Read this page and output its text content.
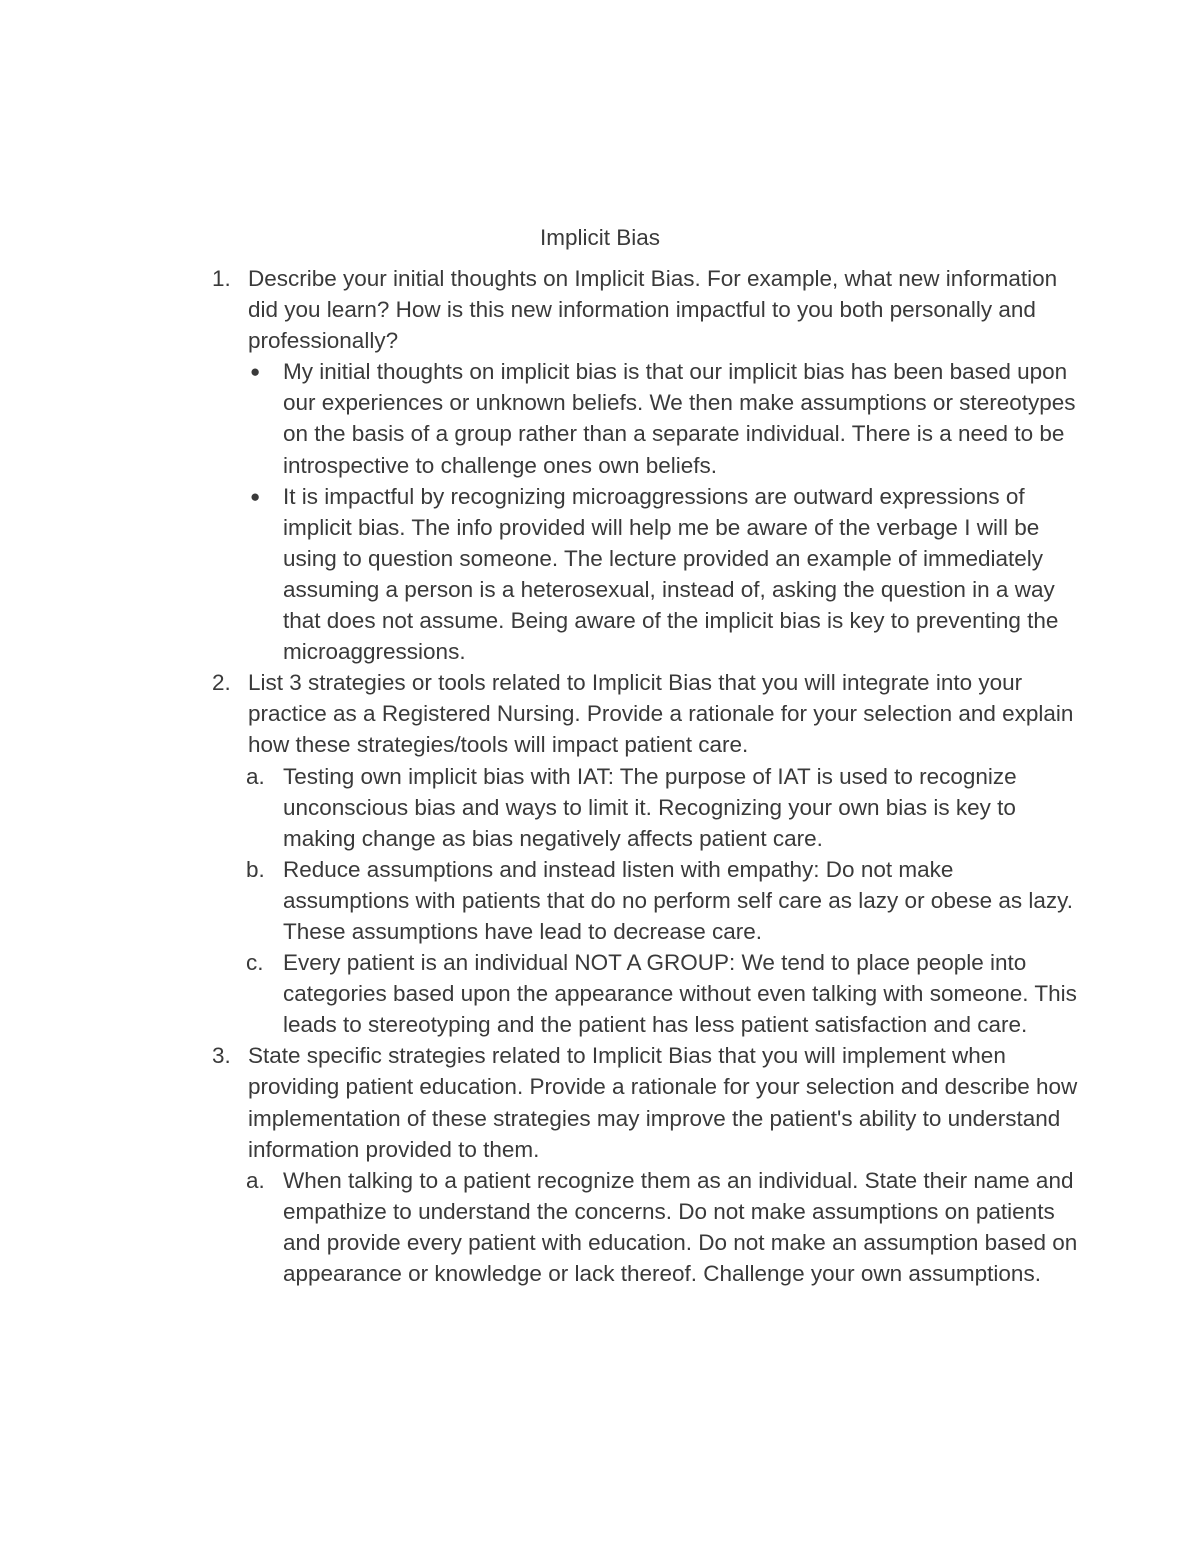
Implicit Bias
1. Describe your initial thoughts on Implicit Bias. For example, what new information did you learn? How is this new information impactful to you both personally and professionally?

● My initial thoughts on implicit bias is that our implicit bias has been based upon our experiences or unknown beliefs. We then make assumptions or stereotypes on the basis of a group rather than a separate individual. There is a need to be introspective to challenge ones own beliefs.

● It is impactful by recognizing microaggressions are outward expressions of implicit bias. The info provided will help me be aware of the verbage I will be using to question someone. The lecture provided an example of immediately assuming a person is a heterosexual, instead of, asking the question in a way that does not assume. Being aware of the implicit bias is key to preventing the microaggressions.

2. List 3 strategies or tools related to Implicit Bias that you will integrate into your practice as a Registered Nursing. Provide a rationale for your selection and explain how these strategies/tools will impact patient care.

a. Testing own implicit bias with IAT: The purpose of IAT is used to recognize unconscious bias and ways to limit it. Recognizing your own bias is key to making change as bias negatively affects patient care.

b. Reduce assumptions and instead listen with empathy: Do not make assumptions with patients that do no perform self care as lazy or obese as lazy. These assumptions have lead to decrease care.

c. Every patient is an individual NOT A GROUP: We tend to place people into categories based upon the appearance without even talking with someone. This leads to stereotyping and the patient has less patient satisfaction and care.

3. State specific strategies related to Implicit Bias that you will implement when providing patient education. Provide a rationale for your selection and describe how implementation of these strategies may improve the patient's ability to understand information provided to them.

a. When talking to a patient recognize them as an individual. State their name and empathize to understand the concerns. Do not make assumptions on patients and provide every patient with education. Do not make an assumption based on appearance or knowledge or lack thereof. Challenge your own assumptions.
